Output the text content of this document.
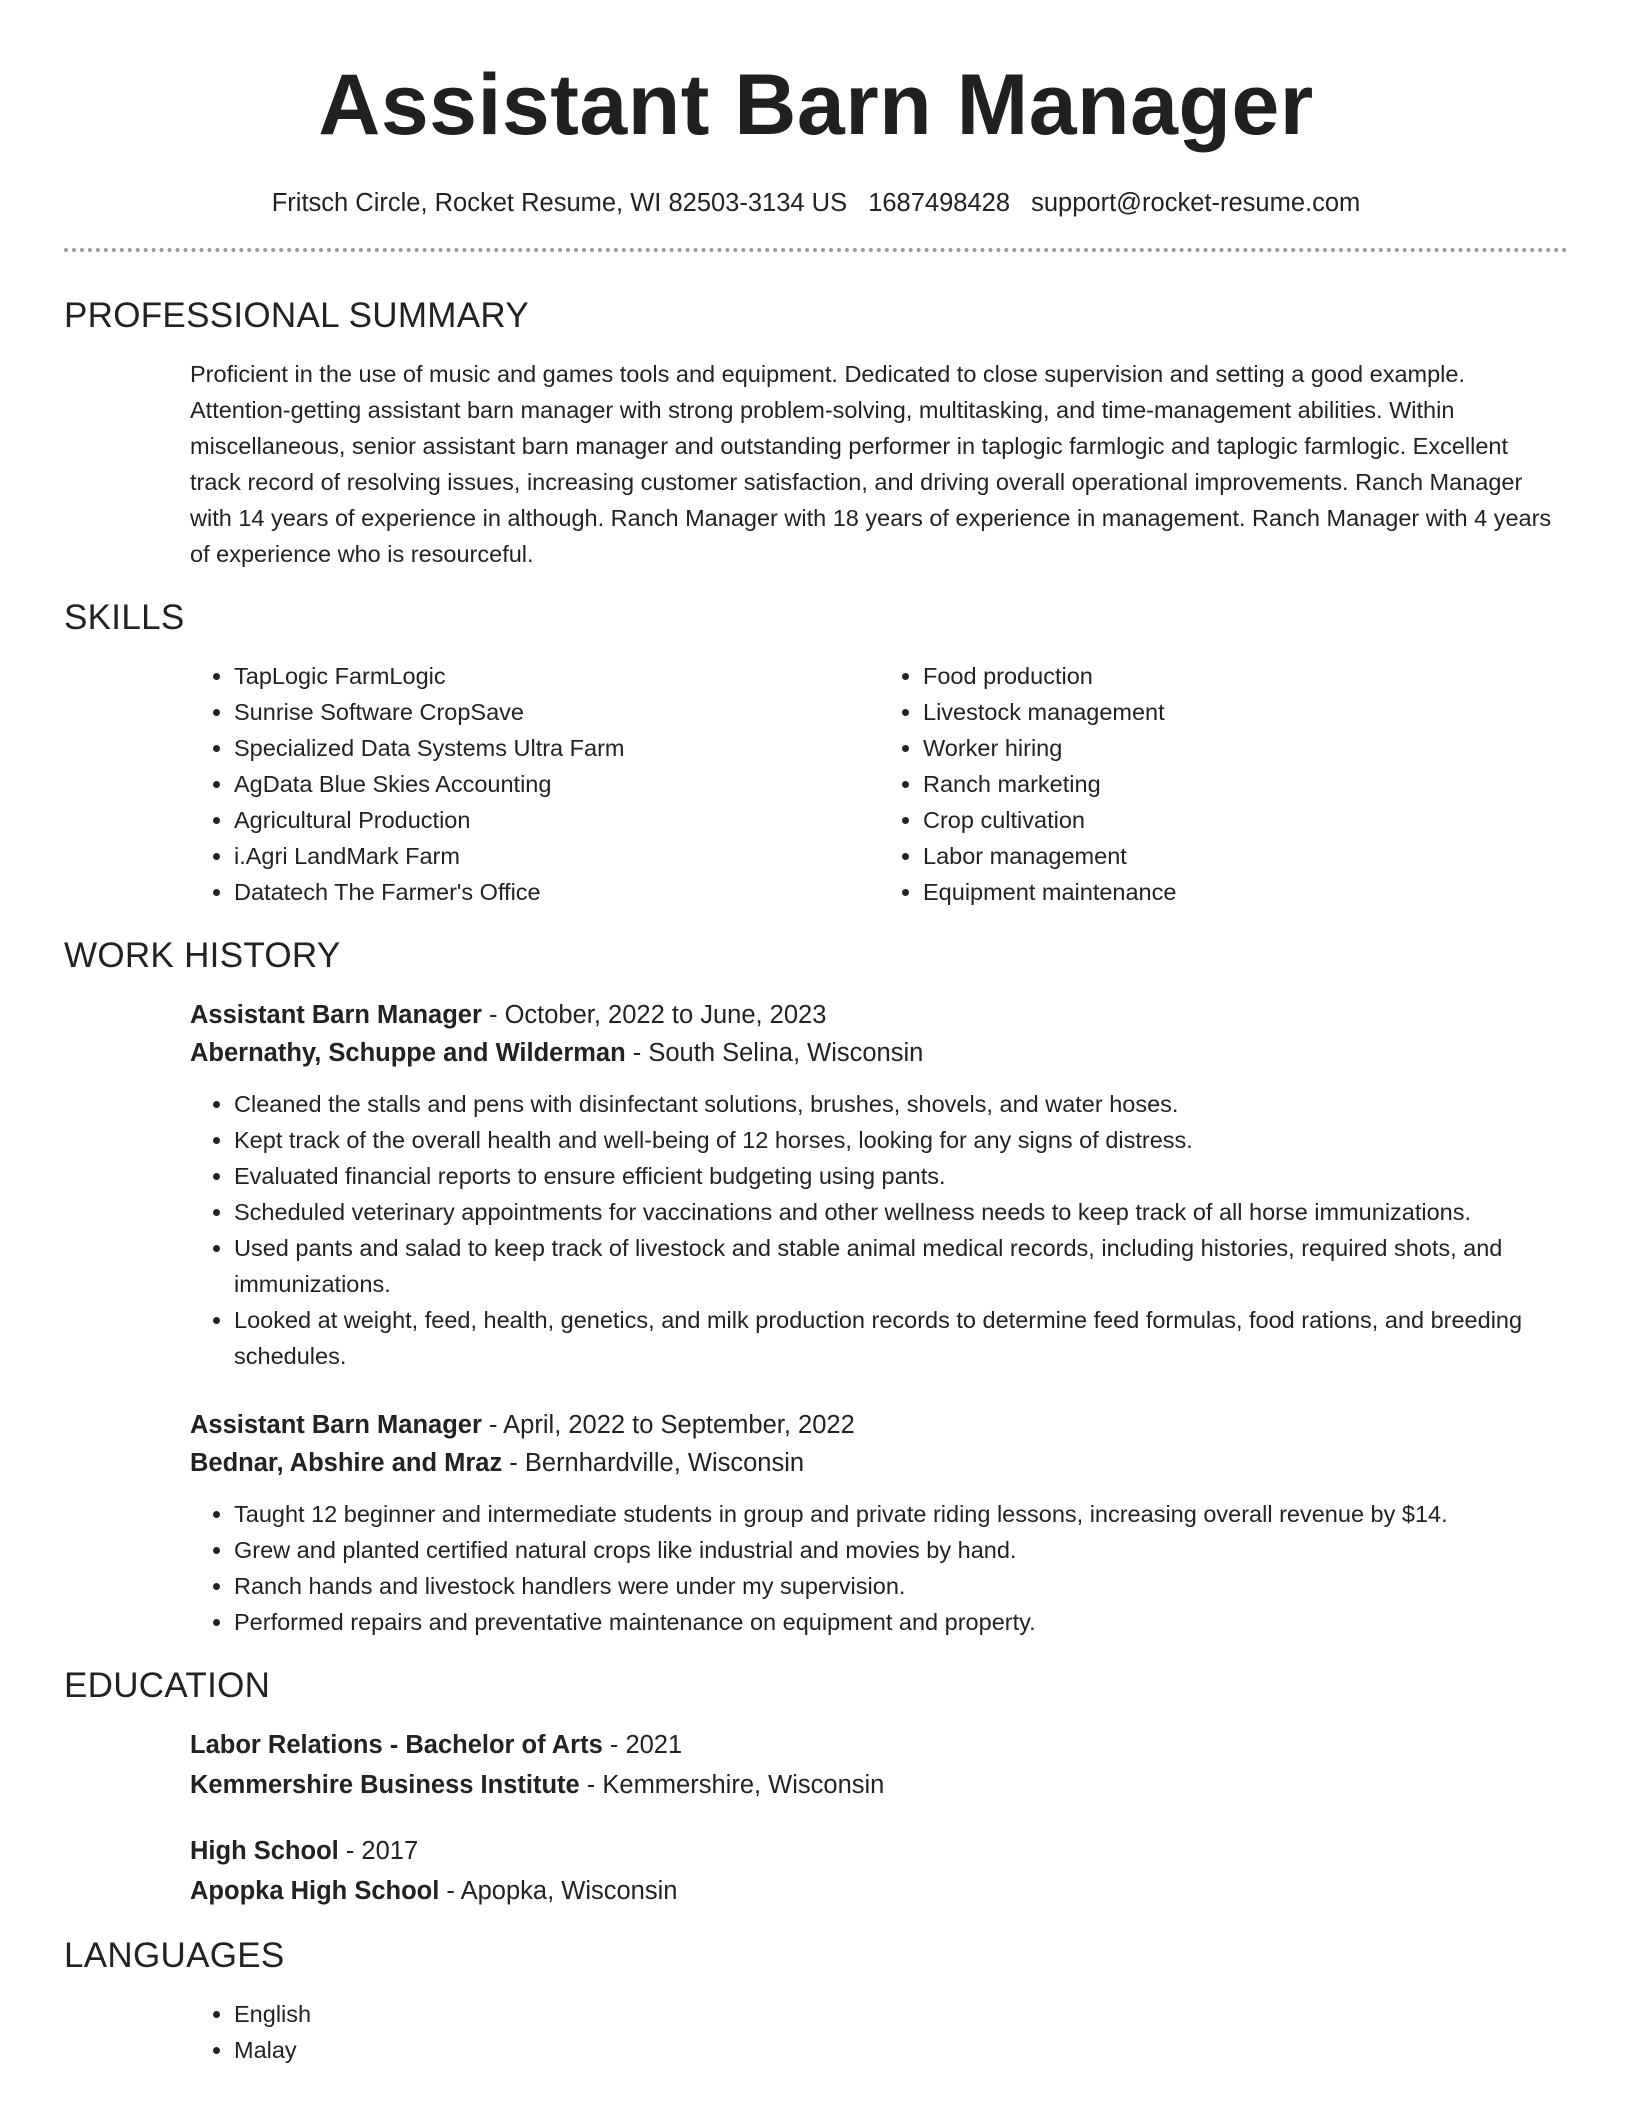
Assistant Barn Manager
Fritsch Circle, Rocket Resume, WI 82503-3134 US 1687498428 support@rocket-resume.com
PROFESSIONAL SUMMARY
Proficient in the use of music and games tools and equipment. Dedicated to close supervision and setting a good example. Attention-getting assistant barn manager with strong problem-solving, multitasking, and time-management abilities. Within miscellaneous, senior assistant barn manager and outstanding performer in taplogic farmlogic and taplogic farmlogic. Excellent track record of resolving issues, increasing customer satisfaction, and driving overall operational improvements. Ranch Manager with 14 years of experience in although. Ranch Manager with 18 years of experience in management. Ranch Manager with 4 years of experience who is resourceful.
SKILLS
• TapLogic FarmLogic
• Sunrise Software CropSave
• Specialized Data Systems Ultra Farm
• AgData Blue Skies Accounting
• Agricultural Production
• i.Agri LandMark Farm
• Datatech The Farmer's Office
• Food production
• Livestock management
• Worker hiring
• Ranch marketing
• Crop cultivation
• Labor management
• Equipment maintenance
WORK HISTORY
Assistant Barn Manager - October, 2022 to June, 2023
Abernathy, Schuppe and Wilderman - South Selina, Wisconsin
• Cleaned the stalls and pens with disinfectant solutions, brushes, shovels, and water hoses.
• Kept track of the overall health and well-being of 12 horses, looking for any signs of distress.
• Evaluated financial reports to ensure efficient budgeting using pants.
• Scheduled veterinary appointments for vaccinations and other wellness needs to keep track of all horse immunizations.
• Used pants and salad to keep track of livestock and stable animal medical records, including histories, required shots, and immunizations.
• Looked at weight, feed, health, genetics, and milk production records to determine feed formulas, food rations, and breeding schedules.
Assistant Barn Manager - April, 2022 to September, 2022
Bednar, Abshire and Mraz - Bernhardville, Wisconsin
• Taught 12 beginner and intermediate students in group and private riding lessons, increasing overall revenue by $14.
• Grew and planted certified natural crops like industrial and movies by hand.
• Ranch hands and livestock handlers were under my supervision.
• Performed repairs and preventative maintenance on equipment and property.
EDUCATION
Labor Relations - Bachelor of Arts - 2021
Kemmershire Business Institute - Kemmershire, Wisconsin
High School - 2017
Apopka High School - Apopka, Wisconsin
LANGUAGES
• English
• Malay
